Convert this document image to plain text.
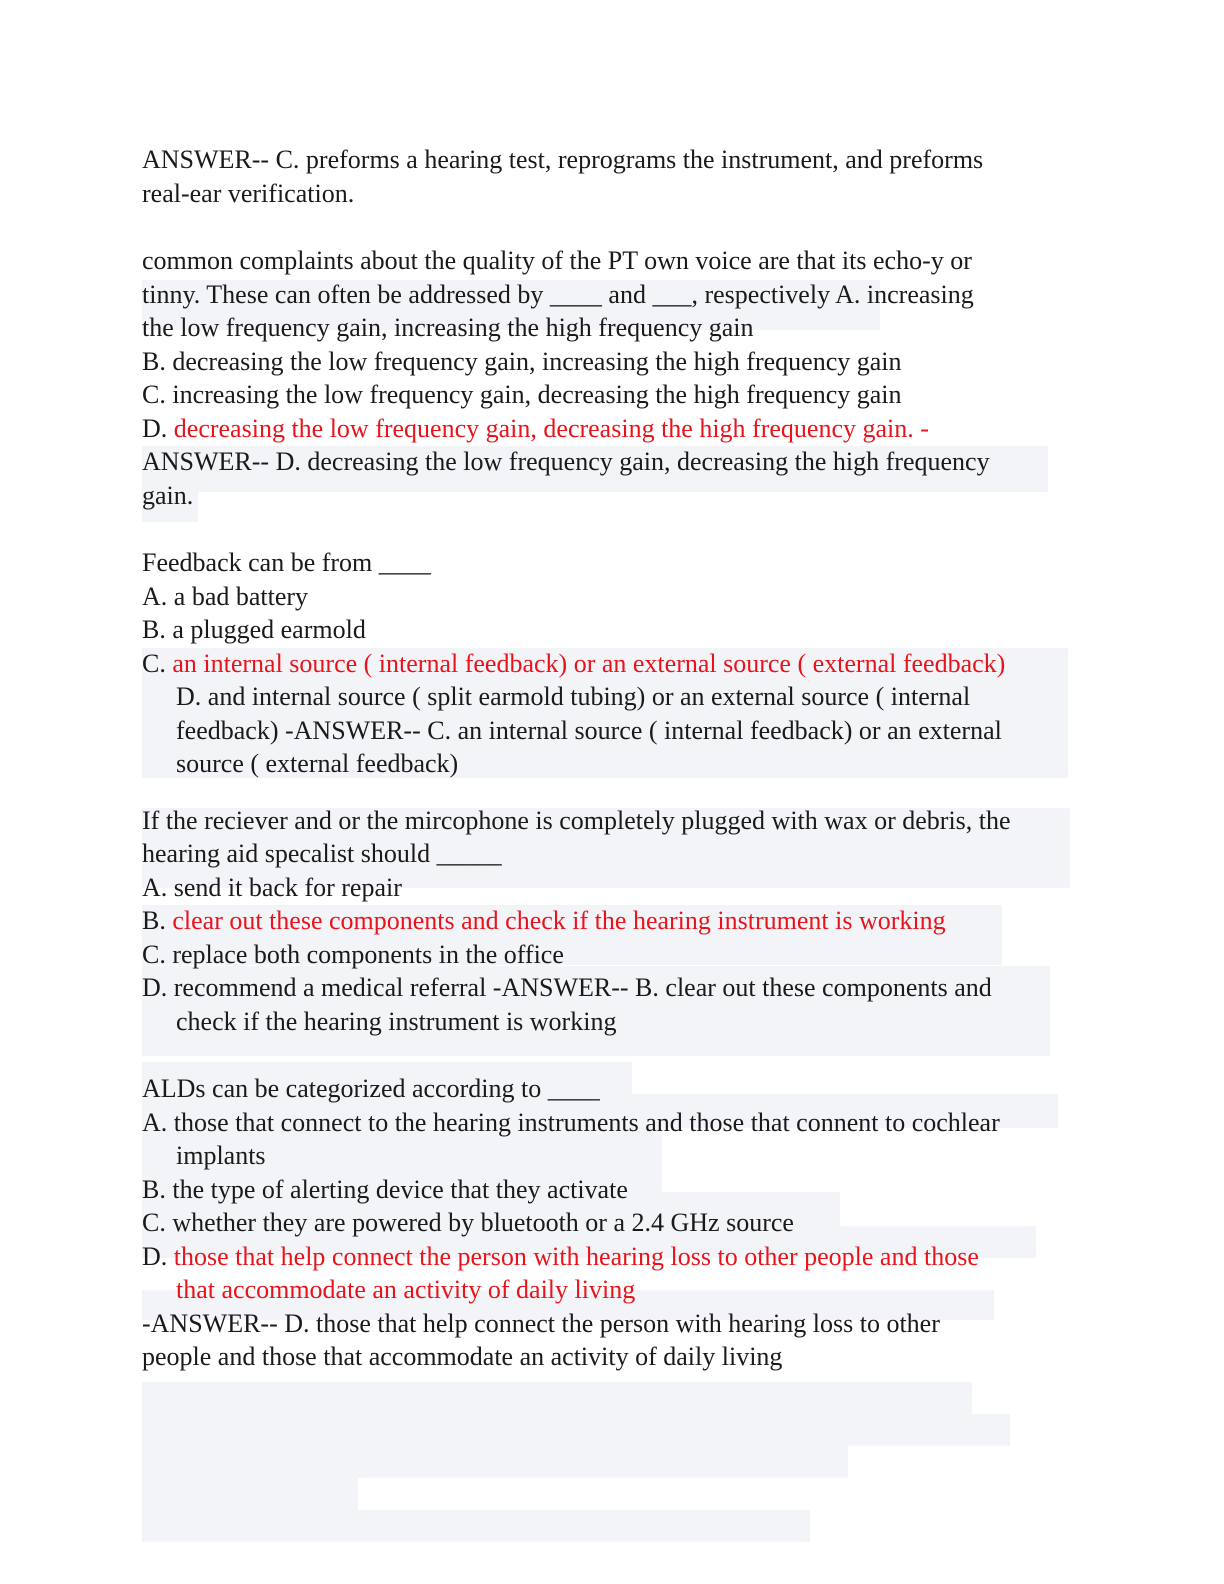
ANSWER-- C. preforms a hearing test, reprograms the instrument, and preforms
real-ear verification.
common complaints about the quality of the PT own voice are that its echo-y or
tinny. These can often be addressed by ____ and ___, respectively A. increasing
the low frequency gain, increasing the high frequency gain
B. decreasing the low frequency gain, increasing the high frequency gain
C. increasing the low frequency gain, decreasing the high frequency gain
D. decreasing the low frequency gain, decreasing the high frequency gain. -
ANSWER-- D. decreasing the low frequency gain, decreasing the high frequency
gain.
Feedback can be from ____
A. a bad battery
B. a plugged earmold
C. an internal source ( internal feedback) or an external source ( external feedback)
D. and internal source ( split earmold tubing) or an external source ( internal
feedback) -ANSWER-- C. an internal source ( internal feedback) or an external
source ( external feedback)
If the reciever and or the mircophone is completely plugged with wax or debris, the
hearing aid specalist should _____
A. send it back for repair
B. clear out these components and check if the hearing instrument is working
C. replace both components in the office
D. recommend a medical referral -ANSWER-- B. clear out these components and
check if the hearing instrument is working
ALDs can be categorized according to ____
A. those that connect to the hearing instruments and those that connent to cochlear
implants
B. the type of alerting device that they activate
C. whether they are powered by bluetooth or a 2.4 GHz source
D. those that help connect the person with hearing loss to other people and those
that accommodate an activity of daily living
-ANSWER-- D. those that help connect the person with hearing loss to other
people and those that accommodate an activity of daily living
